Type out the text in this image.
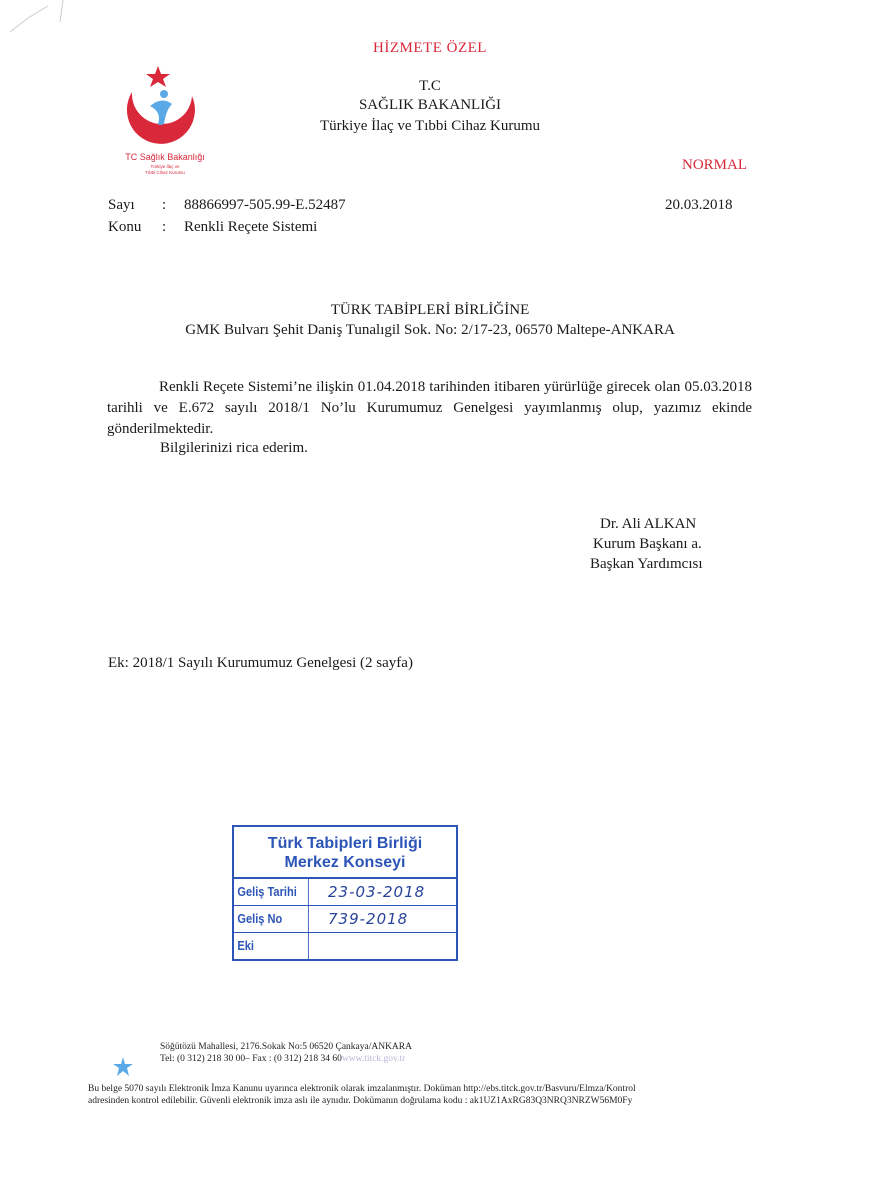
HİZMETE ÖZEL
T.C
SAĞLIK BAKANLIĞI
Türkiye İlaç ve Tıbbi Cihaz Kurumu
NORMAL
TC Sağlık Bakanlığı
Türkiye İlaç ve
Tıbbi Cihaz Kurumu
Sayı : 88866997-505.99-E.52487	20.03.2018
Konu : Renkli Reçete Sistemi
TÜRK TABİPLERİ BİRLİĞİNE
GMK Bulvarı Şehit Daniş Tunalıgil Sok. No: 2/17-23, 06570 Maltepe-ANKARA
Renkli Reçete Sistemi’ne ilişkin 01.04.2018 tarihinden itibaren yürürlüğe girecek olan 05.03.2018 tarihli ve E.672 sayılı 2018/1 No’lu Kurumumuz Genelgesi yayımlanmış olup, yazımız ekinde gönderilmektedir.
Bilgilerinizi rica ederim.
Dr. Ali ALKAN
Kurum Başkanı a.
Başkan Yardımcısı
Ek: 2018/1 Sayılı Kurumumuz Genelgesi (2 sayfa)
Türk Tabipleri Birliği
Merkez Konseyi
Geliş Tarihi	23-03-2018
Geliş No	739-2018
Eki
Söğütözü Mahallesi, 2176.Sokak No:5 06520 Çankaya/ANKARA
Tel: (0 312) 218 30 00– Fax : (0 312) 218 34 60www.titck.gov.tr
Bu belge 5070 sayılı Elektronik İmza Kanunu uyarınca elektronik olarak imzalanmıştır. Doküman http://ebs.titck.gov.tr/Basvuru/Elmza/Kontrol
adresinden kontrol edilebilir. Güvenli elektronik imza aslı ile aynıdır. Dokümanın doğrulama kodu : ak1UZ1AxRG83Q3NRQ3NRZW56M0Fy
